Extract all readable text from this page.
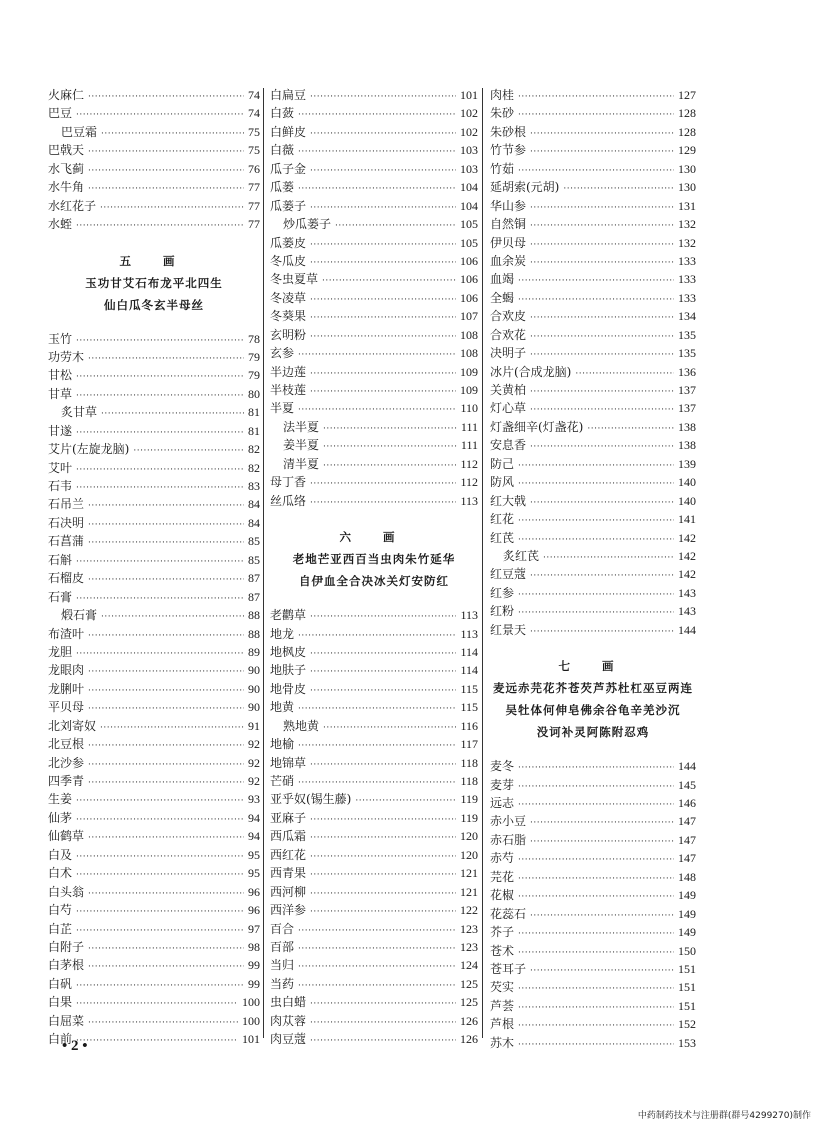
火麻仁 ·····	74
巴豆 ·····	74
巴豆霜 ·····	75
巴戟天 ·····	75
水飞蓟 ·····	76
水牛角 ·····	77
水红花子 ·····	77
水蛭 ·····	77
五 画
玉功甘艾石布龙平北四生
仙白瓜冬玄半母丝
玉竹 ·····	78
功劳木 ·····	79
甘松 ·····	79
甘草 ·····	80
炙甘草 ·····	81
甘遂 ·····	81
艾片(左旋龙脑) ·····	82
艾叶 ·····	82
石韦 ·····	83
石吊兰 ·····	84
石决明 ·····	84
石菖蒲 ·····	85
石斛 ·····	85
石榴皮 ·····	87
石膏 ·····	87
煅石膏 ·····	88
布渣叶 ·····	88
龙胆 ·····	89
龙眼肉 ·····	90
龙脷叶 ·····	90
平贝母 ·····	90
北刘寄奴 ·····	91
北豆根 ·····	92
北沙参 ·····	92
四季青 ·····	92
生姜 ·····	93
仙茅 ·····	94
仙鹤草 ·····	94
白及 ·····	95
白术 ·····	95
白头翁 ·····	96
白芍 ·····	96
白芷 ·····	97
白附子 ·····	98
白茅根 ·····	99
白矾 ·····	99
白果 ·····	100
白屈菜 ·····	100
白前 ·····	101
白扁豆 ·····	101
白蔹 ·····	102
白鲜皮 ·····	102
白薇 ·····	103
瓜子金 ·····	103
瓜蒌 ·····	104
瓜蒌子 ·····	104
炒瓜蒌子 ·····	105
瓜蒌皮 ·····	105
冬瓜皮 ·····	106
冬虫夏草 ·····	106
冬凌草 ·····	106
冬葵果 ·····	107
玄明粉 ·····	108
玄参 ·····	108
半边莲 ·····	109
半枝莲 ·····	109
半夏 ·····	110
法半夏 ·····	111
姜半夏 ·····	111
清半夏 ·····	112
母丁香 ·····	112
丝瓜络 ·····	113
六 画
老地芒亚西百当虫肉朱竹延华
自伊血全合决冰关灯安防红
老鹳草 ·····	113
地龙 ·····	113
地枫皮 ·····	114
地肤子 ·····	114
地骨皮 ·····	115
地黄 ·····	115
熟地黄 ·····	116
地榆 ·····	117
地锦草 ·····	118
芒硝 ·····	118
亚乎奴(锡生藤) ·····	119
亚麻子 ·····	119
西瓜霜 ·····	120
西红花 ·····	120
西青果 ·····	121
西河柳 ·····	121
西洋参 ·····	122
百合 ·····	123
百部 ·····	123
当归 ·····	124
当药 ·····	125
虫白蜡 ·····	125
肉苁蓉 ·····	126
肉豆蔻 ·····	126
肉桂 ·····	127
朱砂 ·····	128
朱砂根 ·····	128
竹节参 ·····	129
竹茹 ·····	130
延胡索(元胡) ·····	130
华山参 ·····	131
自然铜 ·····	132
伊贝母 ·····	132
血余炭 ·····	133
血竭 ·····	133
全蝎 ·····	133
合欢皮 ·····	134
合欢花 ·····	135
决明子 ·····	135
冰片(合成龙脑) ·····	136
关黄柏 ·····	137
灯心草 ·····	137
灯盏细辛(灯盏花) ·····	138
安息香 ·····	138
防己 ·····	139
防风 ·····	140
红大戟 ·····	140
红花 ·····	141
红芪 ·····	142
炙红芪 ·····	142
红豆蔻 ·····	142
红参 ·····	143
红粉 ·····	143
红景天 ·····	144
七 画
麦远赤芫花芥苍芡芦苏杜杠巫豆两连
吴牡体何伸皂佛余谷龟辛羌沙沉
没诃补灵阿陈附忍鸡
麦冬 ·····	144
麦芽 ·····	145
远志 ·····	146
赤小豆 ·····	147
赤石脂 ·····	147
赤芍 ·····	147
芫花 ·····	148
花椒 ·····	149
花蕊石 ·····	149
芥子 ·····	149
苍术 ·····	150
苍耳子 ·····	151
芡实 ·····	151
芦荟 ·····	151
芦根 ·····	152
苏木 ·····	153
• 2 •
中药制药技术与注册群(群号4299270)制作
